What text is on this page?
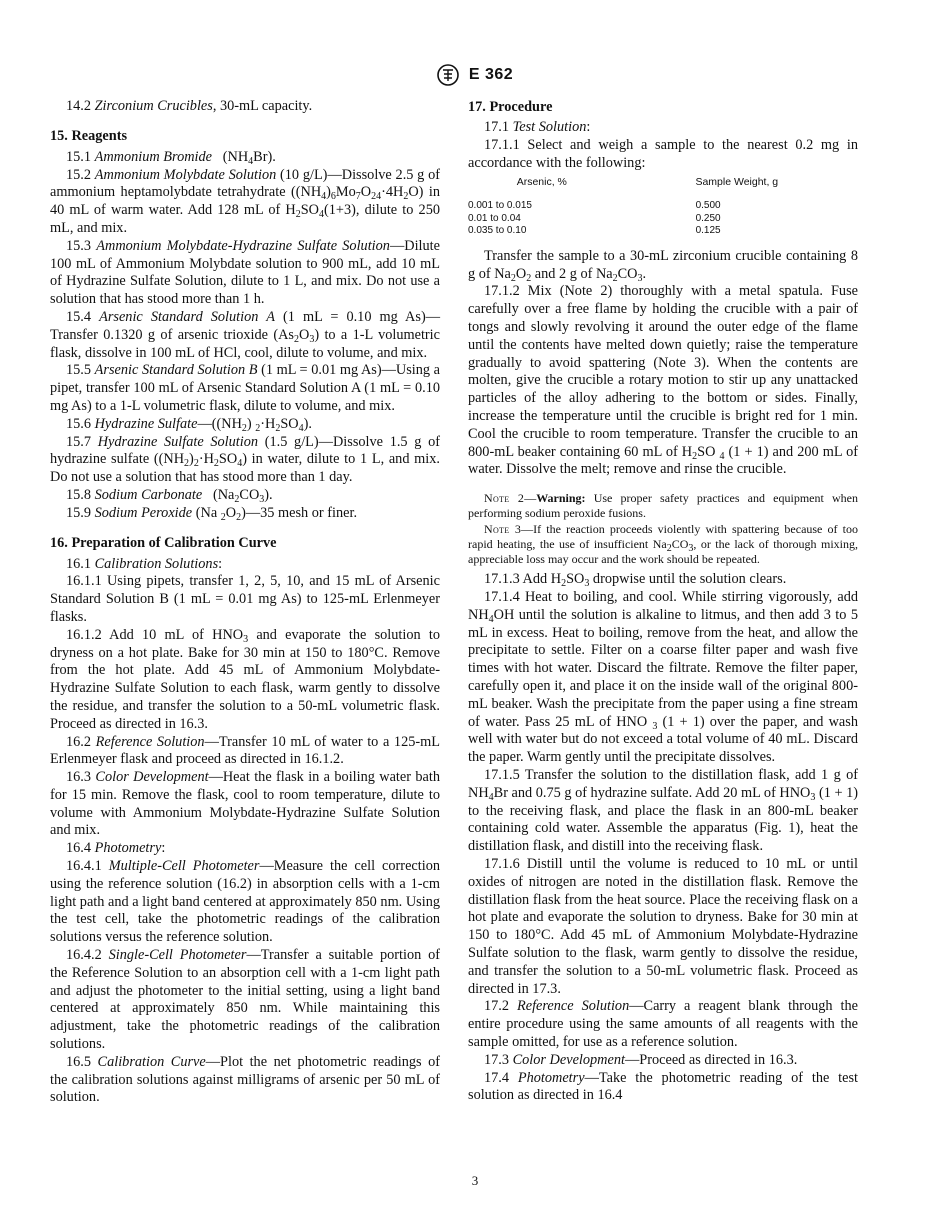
E 362

14.2 Zirconium Crucibles, 30-mL capacity.

15. Reagents

15.1 Ammonium Bromide $(NH_4Br)$.

15.2 Ammonium Molybdate Solution (10 g/L)—Dissolve 2.5 g of ammonium heptamolybdate tetrahydrate $((NH_4)_6Mo_7O_{24}\cdot 4H_2O)$ in 40 mL of warm water. Add 128 mL of $H_2SO_4(1+3)$, dilute to 250 mL, and mix.

15.3 Ammonium Molybdate-Hydrazine Sulfate Solution—Dilute 100 mL of Ammonium Molybdate solution to 900 mL, add 10 mL of Hydrazine Sulfate Solution, dilute to 1 L, and mix. Do not use a solution that has stood more than 1 h.

15.4 Arsenic Standard Solution A (1 mL = 0.10 mg As)—Transfer 0.1320 g of arsenic trioxide $(As_2O_3)$ to a 1-L volumetric flask, dissolve in 100 mL of HCl, cool, dilute to volume, and mix.

15.5 Arsenic Standard Solution B (1 mL = 0.01 mg As)—Using a pipet, transfer 100 mL of Arsenic Standard Solution A (1 mL = 0.10 mg As) to a 1-L volumetric flask, dilute to volume, and mix.

15.6 Hydrazine $Sulfate—((NH_2)$ $_2\cdot H_2SO_4$).

15.7 Hydrazine Sulfate Solution (1.5 g/L)—Dissolve 1.5 g of hydrazine sulfate $((NH_2)_2\cdot H_2SO_4)$ in water, dilute to 1 L, and mix. Do not use a solution that has stood more than 1 day.

15.8 Sodium Carbonate $(Na_2CO_3)$.

15.9 Sodium Peroxide (Na $_2O_2)—35$ mesh or finer.

16. Preparation of Calibration Curve

16.1 Calibration Solutions:

16.1.1 Using pipets, transfer 1, 2, 5, 10, and 15 mL of Arsenic Standard Solution B (1 mL = 0.01 mg As) to 125-mL Erlenmeyer flasks.

16.1.2 Add 10 mL of $HNO_3$ and evaporate the solution to dryness on a hot plate. Bake for 30 min at 150 to 180°C. Remove from the hot plate. Add 45 mL of Ammonium Molybdate-Hydrazine Sulfate Solution to each flask, warm gently to dissolve the residue, and transfer the solution to a 50-mL volumetric flask. Proceed as directed in 16.3.

16.2 Reference Solution—Transfer 10 mL of water to a 125-mL Erlenmeyer flask and proceed as directed in 16.1.2.

16.3 Color Development—Heat the flask in a boiling water bath for 15 min. Remove the flask, cool to room temperature, dilute to volume with Ammonium Molybdate-Hydrazine Sulfate Solution and mix.

16.4 Photometry:

16.4.1 Multiple-Cell Photometer—Measure the cell correction using the reference solution (16.2) in absorption cells with a 1-cm light path and a light band centered at approximately 850 nm. Using the test cell, take the photometric readings of the calibration solutions versus the reference solution.

16.4.2 Single-Cell Photometer—Transfer a suitable portion of the Reference Solution to an absorption cell with a 1-cm light path and adjust the photometer to the initial setting, using a light band centered at approximately 850 nm. While maintaining this adjustment, take the photometric readings of the calibration solutions.

16.5 Calibration Curve—Plot the net photometric readings of the calibration solutions against milligrams of arsenic per 50 mL of solution.

17. Procedure

17.1 Test Solution:

17.1.1 Select and weigh a sample to the nearest 0.2 mg in accordance with the following:

Arsenic, %	Sample Weight, g
0.001 to 0.015	0.500
0.01 to 0.04	0.250
0.035 to 0.10	0.125

Transfer the sample to a 30-mL zirconium crucible containing 8 g of $Na_2O_2$ and 2 g of $Na_2CO_3$.

17.1.2 Mix (Note 2) thoroughly with a metal spatula. Fuse carefully over a free flame by holding the crucible with a pair of tongs and slowly revolving it around the outer edge of the flame until the contents have melted down quietly; raise the temperature gradually to avoid spattering (Note 3). When the contents are molten, give the crucible a rotary motion to stir up any unattacked particles of the alloy adhering to the bottom or sides. Finally, increase the temperature until the crucible is bright red for 1 min. Cool the crucible to room temperature. Transfer the crucible to an 800-mL beaker containing 60 mL of $H_2SO$ $_4$ (1 + 1) and 200 mL of water. Dissolve the melt; remove and rinse the crucible.

Note 2—Warning: Use proper safety practices and equipment when performing sodium peroxide fusions.

Note 3—If the reaction proceeds violently with spattering because of too rapid heating, the use of insufficient $Na_2CO_3$, or the lack of thorough mixing, appreciable loss may occur and the work should be repeated.

17.1.3 Add $H_2SO_3$ dropwise until the solution clears.

17.1.4 Heat to boiling, and cool. While stirring vigorously, add $NH_4OH$ until the solution is alkaline to litmus, and then add 3 to 5 mL in excess. Heat to boiling, remove from the heat, and allow the precipitate to settle. Filter on a coarse filter paper and wash five times with hot water. Discard the filtrate. Remove the filter paper, carefully open it, and place it on the inside wall of the original 800-mL beaker. Wash the precipitate from the paper using a fine stream of water. Pass 25 mL of HNO $_3$ (1 + 1) over the paper, and wash well with water but do not exceed a total volume of 40 mL. Discard the paper. Warm gently until the precipitate dissolves.

17.1.5 Transfer the solution to the distillation flask, add 1 g of $NH_4Br$ and 0.75 g of hydrazine sulfate. Add 20 mL of $HNO_3$ (1 + 1) to the receiving flask, and place the flask in an 800-mL beaker containing cold water. Assemble the apparatus (Fig. 1), heat the distillation flask, and distill into the receiving flask.

17.1.6 Distill until the volume is reduced to 10 mL or until oxides of nitrogen are noted in the distillation flask. Remove the distillation flask from the heat source. Place the receiving flask on a hot plate and evaporate the solution to dryness. Bake for 30 min at 150 to 180°C. Add 45 mL of Ammonium Molybdate-Hydrazine Sulfate solution to the flask, warm gently to dissolve the residue, and transfer the solution to a 50-mL volumetric flask. Proceed as directed in 17.3.

17.2 Reference Solution—Carry a reagent blank through the entire procedure using the same amounts of all reagents with the sample omitted, for use as a reference solution.

17.3 Color Development—Proceed as directed in 16.3.

17.4 Photometry—Take the photometric reading of the test solution as directed in 16.4

3
